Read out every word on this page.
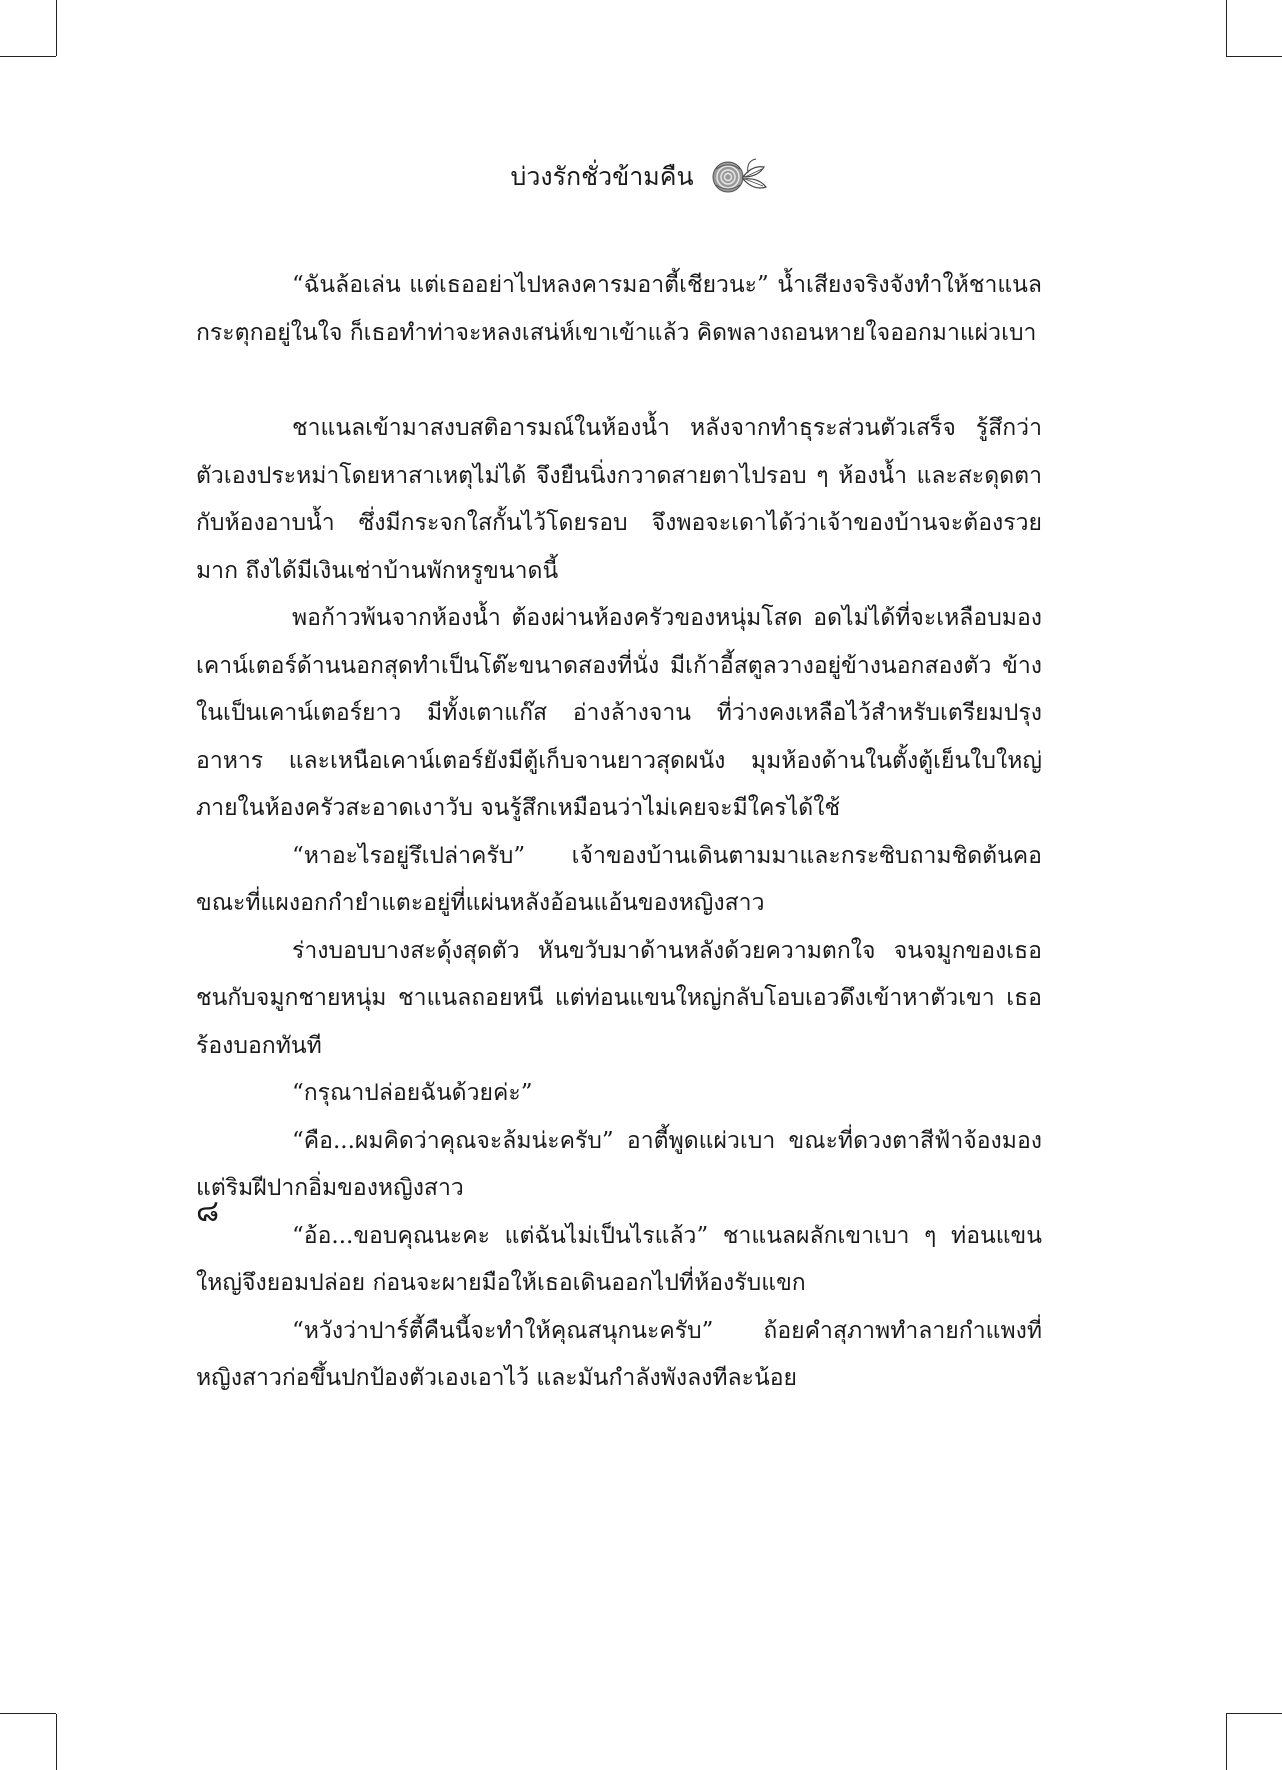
บ่วงรักชั่วข้ามคืน

“ฉันล้อเล่น แต่เธออย่าไปหลงคารมอาตี้เชียวนะ” น้ำเสียงจริงจังทำให้ชาแนลกระตุกอยู่ในใจ ก็เธอทำท่าจะหลงเสน่ห์เขาเข้าแล้ว คิดพลางถอนหายใจออกมาแผ่วเบา

ชาแนลเข้ามาสงบสติอารมณ์ในห้องน้ำ หลังจากทำธุระส่วนตัวเสร็จ รู้สึกว่าตัวเองประหม่าโดยหาสาเหตุไม่ได้ จึงยืนนิ่งกวาดสายตาไปรอบ ๆ ห้องน้ำ และสะดุดตากับห้องอาบน้ำ ซึ่งมีกระจกใสกั้นไว้โดยรอบ จึงพอจะเดาได้ว่าเจ้าของบ้านจะต้องรวยมาก ถึงได้มีเงินเช่าบ้านพักหรูขนาดนี้

พอก้าวพ้นจากห้องน้ำ ต้องผ่านห้องครัวของหนุ่มโสด อดไม่ได้ที่จะเหลือบมอง เคาน์เตอร์ด้านนอกสุดทำเป็นโต๊ะขนาดสองที่นั่ง มีเก้าอี้สตูลวางอยู่ข้างนอกสองตัว ข้างในเป็นเคาน์เตอร์ยาว มีทั้งเตาแก๊ส อ่างล้างจาน ที่ว่างคงเหลือไว้สำหรับเตรียมปรุงอาหาร และเหนือเคาน์เตอร์ยังมีตู้เก็บจานยาวสุดผนัง มุมห้องด้านในตั้งตู้เย็นใบใหญ่ ภายในห้องครัวสะอาดเงาวับ จนรู้สึกเหมือนว่าไม่เคยจะมีใครได้ใช้

“หาอะไรอยู่รึเปล่าครับ” เจ้าของบ้านเดินตามมาและกระซิบถามชิดต้นคอ ขณะที่แผงอกกำยำแตะอยู่ที่แผ่นหลังอ้อนแอ้นของหญิงสาว

ร่างบอบบางสะดุ้งสุดตัว หันขวับมาด้านหลังด้วยความตกใจ จนจมูกของเธอชนกับจมูกชายหนุ่ม ชาแนลถอยหนี แต่ท่อนแขนใหญ่กลับโอบเอวดึงเข้าหาตัวเขา เธอร้องบอกทันที

“กรุณาปล่อยฉันด้วยค่ะ”

“คือ...ผมคิดว่าคุณจะล้มน่ะครับ” อาตี้พูดแผ่วเบา ขณะที่ดวงตาสีฟ้าจ้องมองแต่ริมฝีปากอิ่มของหญิงสาว

“อ้อ...ขอบคุณนะคะ แต่ฉันไม่เป็นไรแล้ว” ชาแนลผลักเขาเบา ๆ ท่อนแขนใหญ่จึงยอมปล่อย ก่อนจะผายมือให้เธอเดินออกไปที่ห้องรับแขก

“หวังว่าปาร์ตี้คืนนี้จะทำให้คุณสนุกนะครับ” ถ้อยคำสุภาพทำลายกำแพงที่หญิงสาวก่อขึ้นปกป้องตัวเองเอาไว้ และมันกำลังพังลงทีละน้อย

๘
